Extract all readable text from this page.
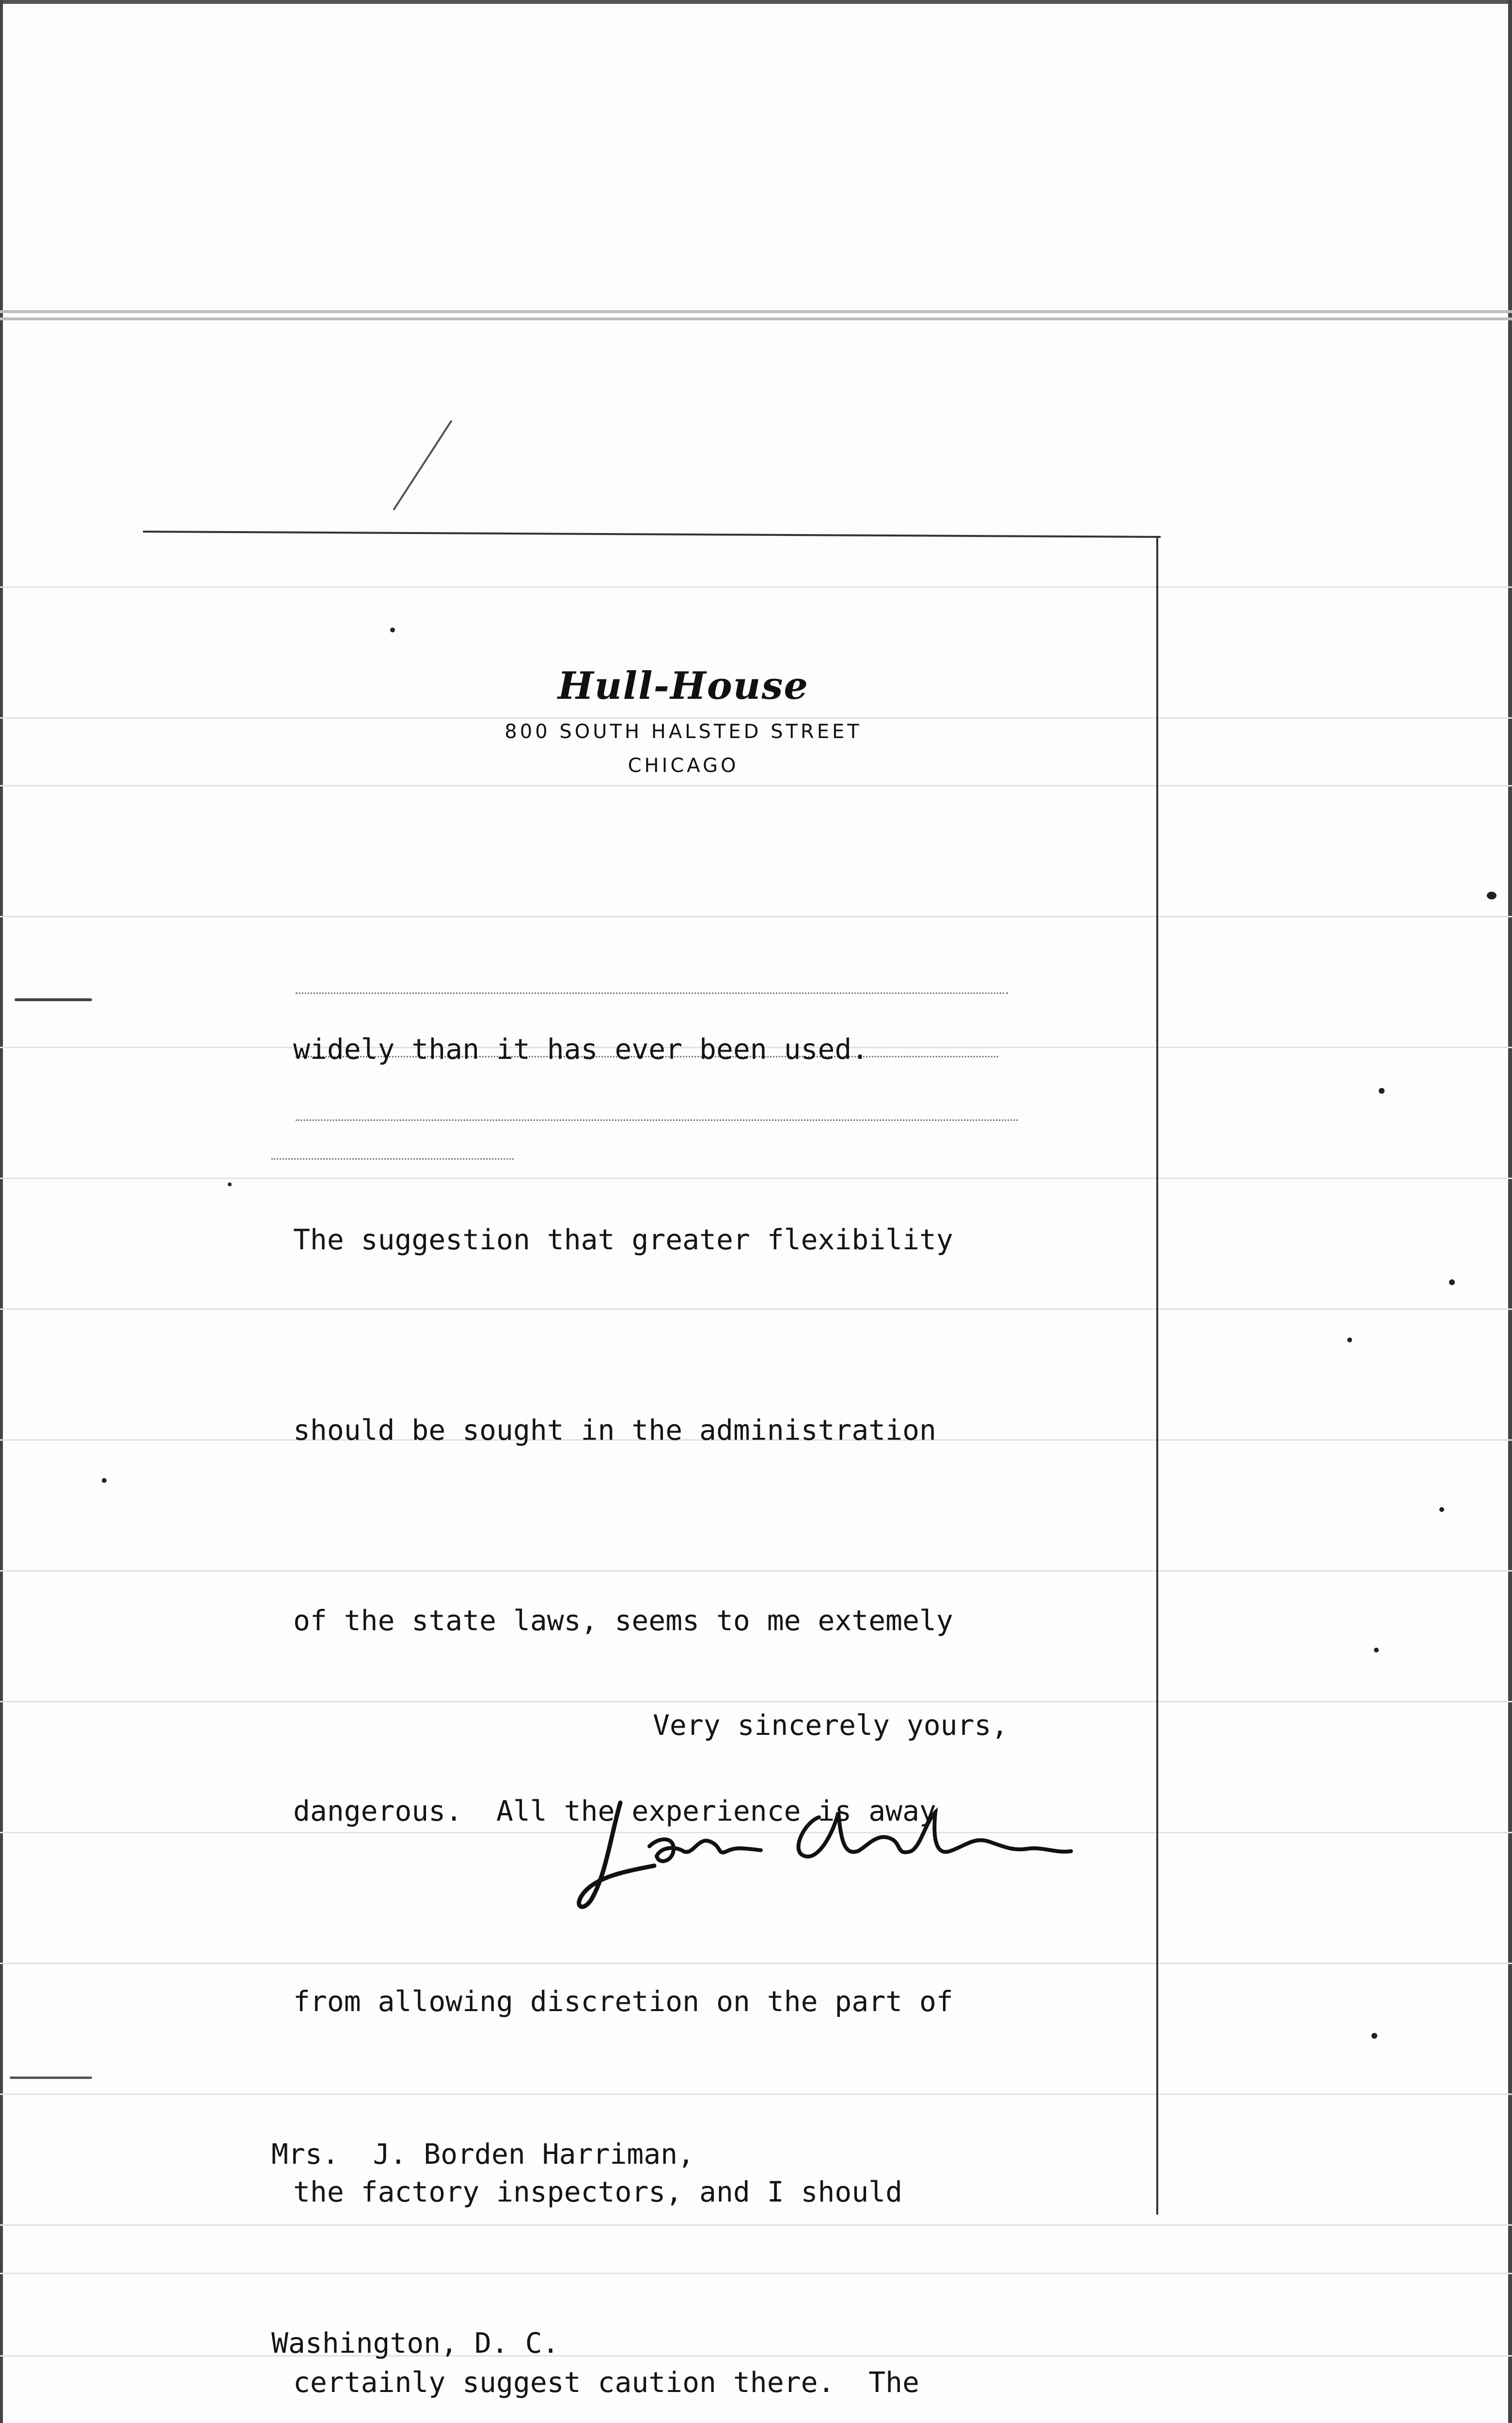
Hull-House
800 SOUTH HALSTED STREET
CHICAGO

widely than it has ever been used.

The suggestion that greater flexibility

should be sought in the administration

of the state laws, seems to me extemely

dangerous.  All the experience is away

from allowing discretion on the part of

the factory inspectors, and I should

certainly suggest caution there.  The

Very sincerely yours,

Mrs.  J. Borden Harriman,

Washington, D. C.
